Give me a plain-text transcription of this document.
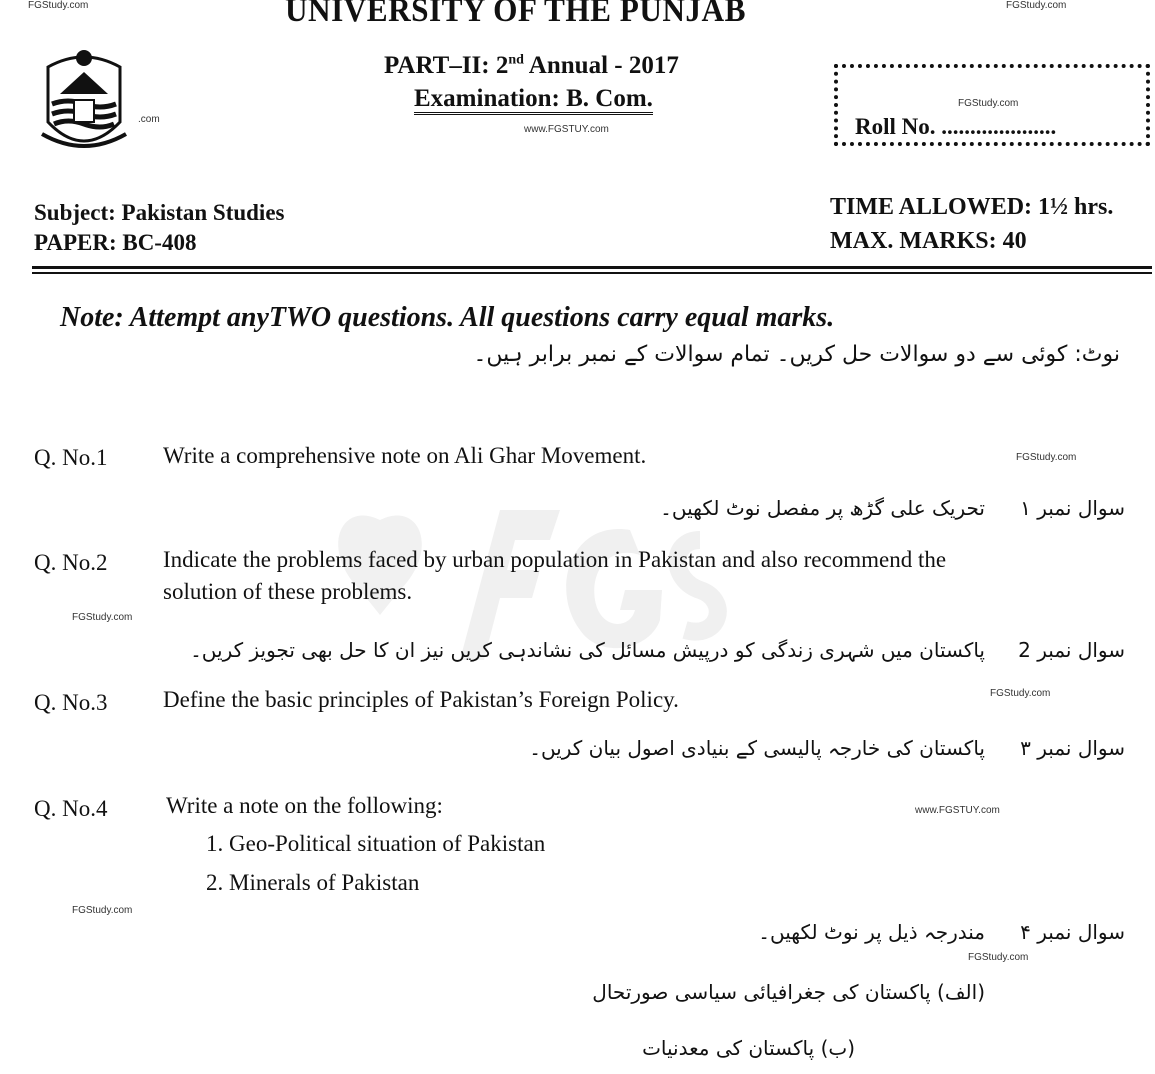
FGStudy.com	FGStudy.com
UNIVERSITY OF THE PUNJAB
.com
PART–II: 2nd Annual - 2017
Examination: B. Com.
www.FGSTUY.com
FGStudy.com
Roll No. ....................
Subject: Pakistan Studies
PAPER: BC-408
TIME ALLOWED: 1½ hrs.
MAX. MARKS: 40
Note: Attempt anyTWO questions. All questions carry equal marks.
نوٹ: کوئی سے دو سوالات حل کریں۔ تمام سوالات کے نمبر برابر ہیں۔
Q. No.1 Write a comprehensive note on Ali Ghar Movement.	FGStudy.com
سوال نمبر ۱
تحریک علی گڑھ پر مفصل نوٹ لکھیں۔
Q. No.2 Indicate the problems faced by urban population in Pakistan and also recommend the solution of these problems.
FGStudy.com
سوال نمبر 2
پاکستان میں شہری زندگی کو درپیش مسائل کی نشاندہی کریں نیز ان کا حل بھی تجویز کریں۔
Q. No.3 Define the basic principles of Pakistan’s Foreign Policy.	FGStudy.com
سوال نمبر ۳
پاکستان کی خارجہ پالیسی کے بنیادی اصول بیان کریں۔
Q. No.4	Write a note on the following:	www.FGSTUY.com
1. Geo-Political situation of Pakistan
2. Minerals of Pakistan
FGStudy.com
سوال نمبر ۴
مندرجہ ذیل پر نوٹ لکھیں۔
FGStudy.com
(الف) پاکستان کی جغرافیائی سیاسی صورتحال
(ب) پاکستان کی معدنیات
